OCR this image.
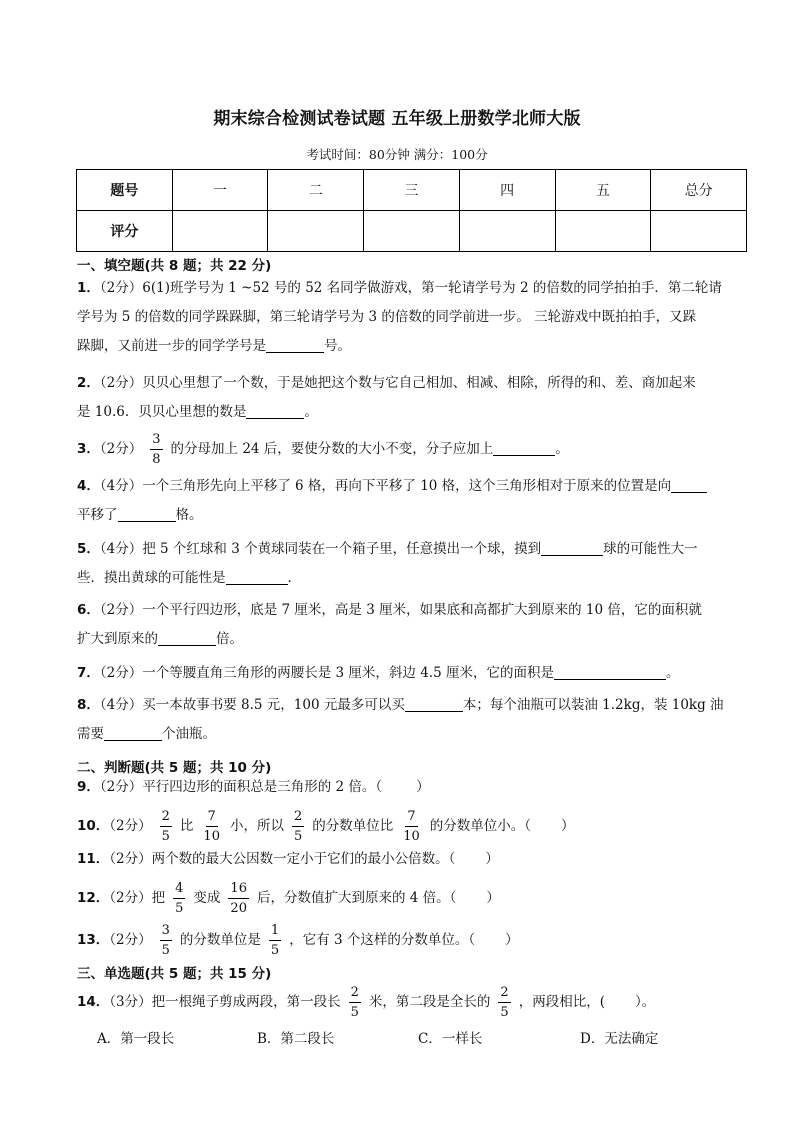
期末综合检测试卷试题 五年级上册数学北师大版
考试时间：80分钟 满分：100分
题号	一	二	三	四	五	总分
评分						
一、填空题(共 8 题；共 22 分)
1．（2分）6(1)班学号为 1 ~52 号的 52 名同学做游戏，第一轮请学号为 2 的倍数的同学拍拍手．第二轮请
学号为 5 的倍数的同学跺跺脚，第三轮请学号为 3 的倍数的同学前进一步。 三轮游戏中既拍拍手，又跺
跺脚，又前进一步的同学学号是	号。
2．（2分）贝贝心里想了一个数，于是她把这个数与它自己相加、相减、相除，所得的和、差、商加起来
是 10.6．贝贝心里想的数是	。
3．（2分） $\frac{3}{8}$ 的分母加上 24 后，要使分数的大小不变，分子应加上	。
4．（4分）一个三角形先向上平移了 6 格，再向下平移了 10 格，这个三角形相对于原来的位置是向
平移了	格。
5．（4分）把 5 个红球和 3 个黄球同装在一个箱子里，任意摸出一个球，摸到	球的可能性大一
些．摸出黄球的可能性是	．
6．（2分）一个平行四边形，底是 7 厘米，高是 3 厘米，如果底和高都扩大到原来的 10 倍，它的面积就
扩大到原来的	倍。
7．（2分）一个等腰直角三角形的两腰长是 3 厘米，斜边 4.5 厘米，它的面积是	。
8．（4分）买一本故事书要 8.5 元，100 元最多可以买	本；每个油瓶可以装油 1.2kg，装 10kg 油
需要	个油瓶。
二、判断题(共 5 题；共 10 分)
9．（2分）平行四边形的面积总是三角形的 2 倍。（	）
10．（2分） $\frac{2}{5}$ 比 $\frac{7}{10}$ 小，所以 $\frac{2}{5}$ 的分数单位比 $\frac{7}{10}$ 的分数单位小。（ ）
11．（2分）两个数的最大公因数一定小于它们的最小公倍数。（ ）
12．（2分）把 $\frac{4}{5}$ 变成 $\frac{16}{20}$ 后，分数值扩大到原来的 4 倍。（ ）
13．（2分） $\frac{3}{5}$ 的分数单位是 $\frac{1}{5}$ ，它有 3 个这样的分数单位。（ ）
三、单选题(共 5 题；共 15 分)
14．（3分）把一根绳子剪成两段，第一段长 $\frac{2}{5}$ 米，第二段是全长的 $\frac{2}{5}$ ，两段相比，( ）。
A．第一段长	B．第二段长	C．一样长	D．无法确定
